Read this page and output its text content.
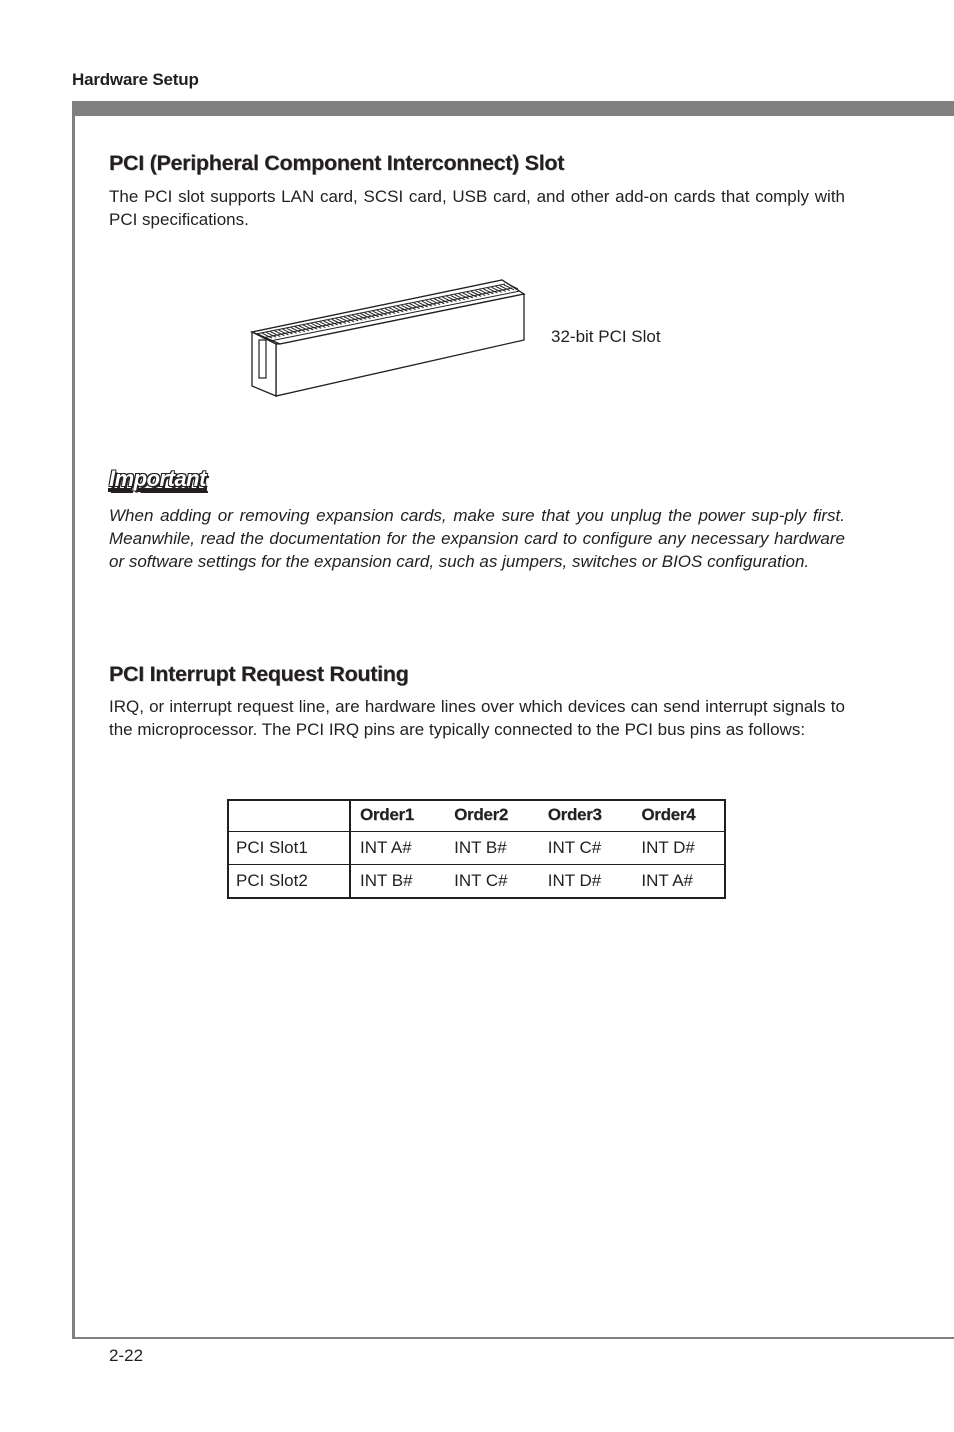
Hardware Setup
PCI (Peripheral Component Interconnect) Slot
The PCI slot supports LAN card, SCSI card, USB card, and other add-on cards that comply with PCI specifications.
32-bit PCI Slot
Important
When adding or removing expansion cards, make sure that you unplug the power sup-ply first. Meanwhile, read the documentation for the expansion card to configure any necessary hardware or software settings for the expansion card, such as jumpers, switches or BIOS configuration.
PCI Interrupt Request Routing
IRQ, or interrupt request line, are hardware lines over which devices can send interrupt signals to the microprocessor. The PCI IRQ pins are typically connected to the PCI bus pins as follows:
	Order1	Order2	Order3	Order4
PCI Slot1	INT A#	INT B#	INT C#	INT D#
PCI Slot2	INT B#	INT C#	INT D#	INT A#
2-22
